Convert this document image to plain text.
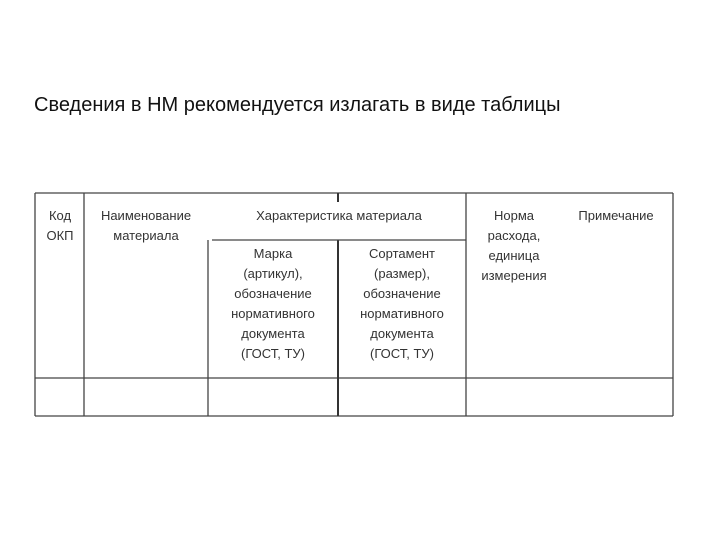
Сведения в НМ рекомендуется излагать в виде таблицы
Код
ОКП
Наименование
материала
Характеристика материала
Марка
(артикул),
обозначение
нормативного
документа
(ГОСТ, ТУ)
Сортамент
(размер),
обозначение
нормативного
документа
(ГОСТ, ТУ)
Норма
расхода,
единица
измерения
Примечание
